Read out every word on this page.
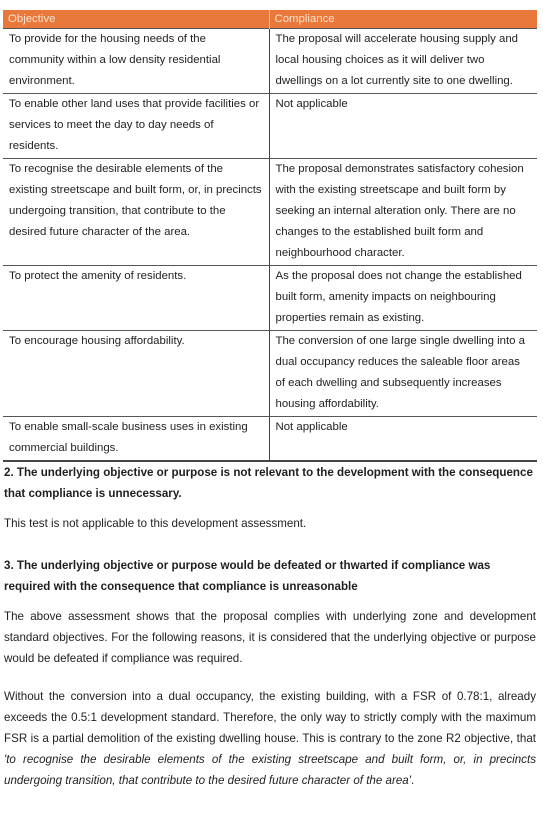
Objective	Compliance
To provide for the housing needs of the community within a low density residential environment.	The proposal will accelerate housing supply and local housing choices as it will deliver two dwellings on a lot currently site to one dwelling.
To enable other land uses that provide facilities or services to meet the day to day needs of residents.	Not applicable
To recognise the desirable elements of the existing streetscape and built form, or, in precincts undergoing transition, that contribute to the desired future character of the area.	The proposal demonstrates satisfactory cohesion with the existing streetscape and built form by seeking an internal alteration only. There are no changes to the established built form and neighbourhood character.
To protect the amenity of residents.	As the proposal does not change the established built form, amenity impacts on neighbouring properties remain as existing.
To encourage housing affordability.	The conversion of one large single dwelling into a dual occupancy reduces the saleable floor areas of each dwelling and subsequently increases housing affordability.
To enable small-scale business uses in existing commercial buildings.	Not applicable
2. The underlying objective or purpose is not relevant to the development with the consequence that compliance is unnecessary.
This test is not applicable to this development assessment.
3. The underlying objective or purpose would be defeated or thwarted if compliance was required with the consequence that compliance is unreasonable
The above assessment shows that the proposal complies with underlying zone and development standard objectives. For the following reasons, it is considered that the underlying objective or purpose would be defeated if compliance was required.
Without the conversion into a dual occupancy, the existing building, with a FSR of 0.78:1, already exceeds the 0.5:1 development standard. Therefore, the only way to strictly comply with the maximum FSR is a partial demolition of the existing dwelling house. This is contrary to the zone R2 objective, that 'to recognise the desirable elements of the existing streetscape and built form, or, in precincts undergoing transition, that contribute to the desired future character of the area'.
